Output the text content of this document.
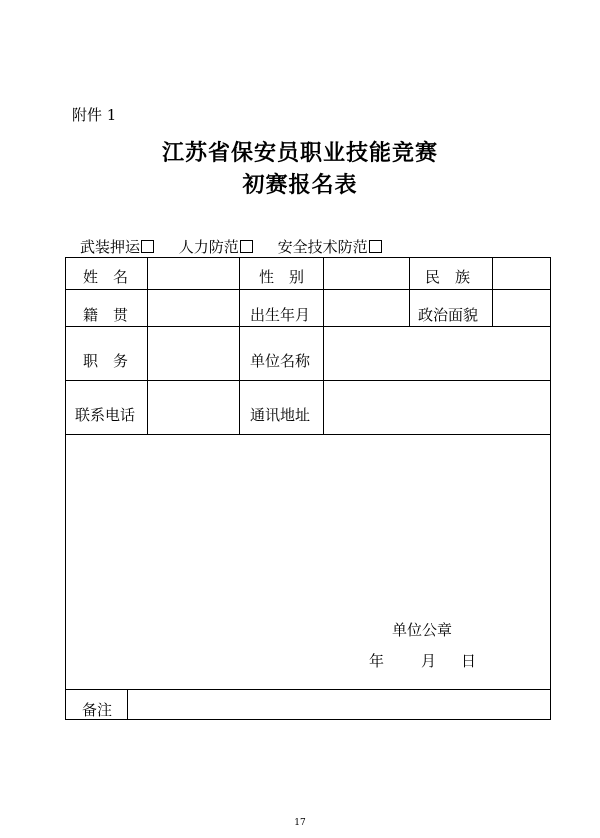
附件 1
江苏省保安员职业技能竞赛
初赛报名表
武装押运	人力防范	安全技术防范
姓　名	性　别	民　族
籍　贯	出生年月	政治面貌
职　务	单位名称
联系电话	通讯地址
备注
单位公章
年 月 日
17
